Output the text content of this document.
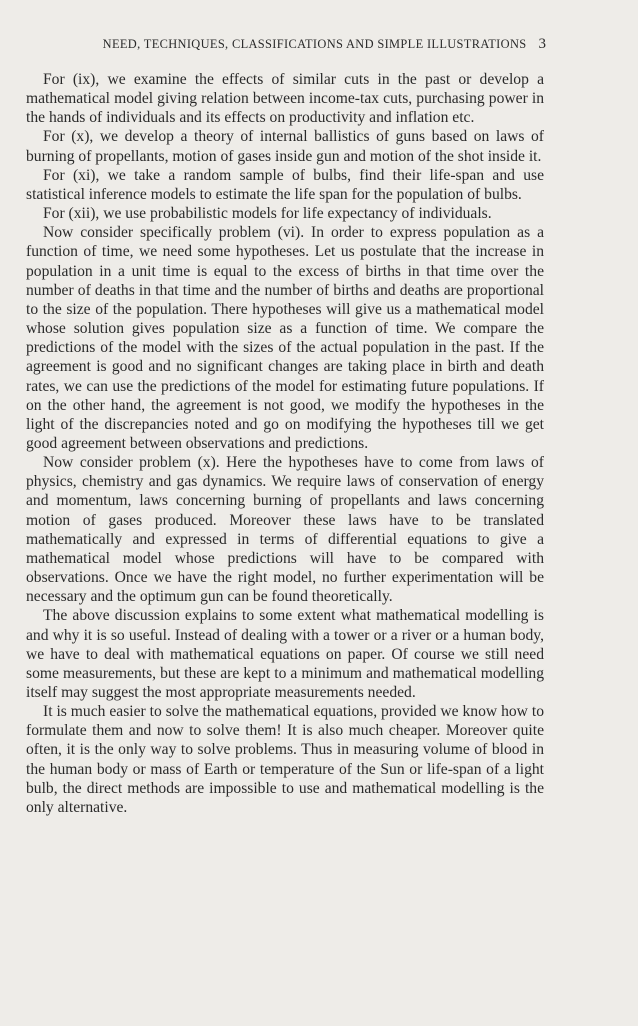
NEED, TECHNIQUES, CLASSIFICATIONS AND SIMPLE ILLUSTRATIONS 3

For (ix), we examine the effects of similar cuts in the past or develop a mathematical model giving relation between income-tax cuts, purchasing power in the hands of individuals and its effects on productivity and inflation etc.

For (x), we develop a theory of internal ballistics of guns based on laws of burning of propellants, motion of gases inside gun and motion of the shot inside it.

For (xi), we take a random sample of bulbs, find their life-span and use statistical inference models to estimate the life span for the population of bulbs.

For (xii), we use probabilistic models for life expectancy of individuals.

Now consider specifically problem (vi). In order to express population as a function of time, we need some hypotheses. Let us postulate that the increase in population in a unit time is equal to the excess of births in that time over the number of deaths in that time and the number of births and deaths are proportional to the size of the population. There hypotheses will give us a mathematical model whose solution gives population size as a function of time. We compare the predictions of the model with the sizes of the actual population in the past. If the agreement is good and no significant changes are taking place in birth and death rates, we can use the predictions of the model for estimating future populations. If on the other hand, the agreement is not good, we modify the hypotheses in the light of the discrepancies noted and go on modifying the hypotheses till we get good agreement between observations and predictions.

Now consider problem (x). Here the hypotheses have to come from laws of physics, chemistry and gas dynamics. We require laws of conservation of energy and momentum, laws concerning burning of propellants and laws concerning motion of gases produced. Moreover these laws have to be translated mathematically and expressed in terms of differential equations to give a mathematical model whose predictions will have to be compared with observations. Once we have the right model, no further experimentation will be necessary and the optimum gun can be found theoretically.

The above discussion explains to some extent what mathematical modelling is and why it is so useful. Instead of dealing with a tower or a river or a human body, we have to deal with mathematical equations on paper. Of course we still need some measurements, but these are kept to a minimum and mathematical modelling itself may suggest the most appropriate measurements needed.

It is much easier to solve the mathematical equations, provided we know how to formulate them and now to solve them! It is also much cheaper. Moreover quite often, it is the only way to solve problems. Thus in measuring volume of blood in the human body or mass of Earth or temperature of the Sun or life-span of a light bulb, the direct methods are impossible to use and mathematical modelling is the only alternative.
